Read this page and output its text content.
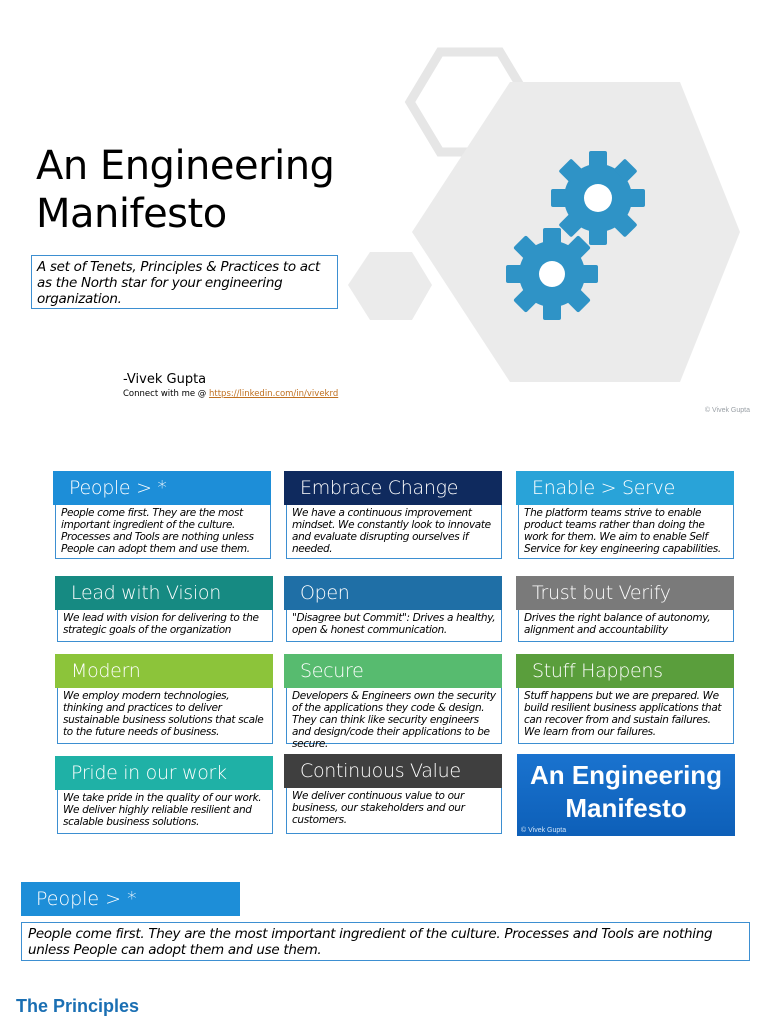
An Engineering
Manifesto
A set of Tenets, Principles & Practices to act as the North star for your engineering organization.
-Vivek Gupta
Connect with me @ https://linkedin.com/in/vivekrd
© Vivek Gupta
People > *
People come first. They are the most important ingredient of the culture. Processes and Tools are nothing unless People can adopt them and use them.
Embrace Change
We have a continuous improvement mindset. We constantly look to innovate and evaluate disrupting ourselves if needed.
Enable > Serve
The platform teams strive to enable product teams rather than doing the work for them. We aim to enable Self Service for key engineering capabilities.
Lead with Vision
We lead with vision for delivering to the strategic goals of the organization
Open
"Disagree but Commit": Drives a healthy, open & honest communication.
Trust but Verify
Drives the right balance of autonomy, alignment and accountability
Modern
We employ modern technologies, thinking and practices to deliver sustainable business solutions that scale to the future needs of business.
Secure
Developers & Engineers own the security of the applications they code & design. They can think like security engineers and design/code their applications to be secure.
Stuff Happens
Stuff happens but we are prepared. We build resilient business applications that can recover from and sustain failures. We learn from our failures.
Pride in our work
We take pride in the quality of our work. We deliver highly reliable resilient and scalable business solutions.
Continuous Value
We deliver continuous value to our business, our stakeholders and our customers.
An Engineering
Manifesto
© Vivek Gupta
People > *
People come first. They are the most important ingredient of the culture. Processes and Tools are nothing unless People can adopt them and use them.
The Principles
